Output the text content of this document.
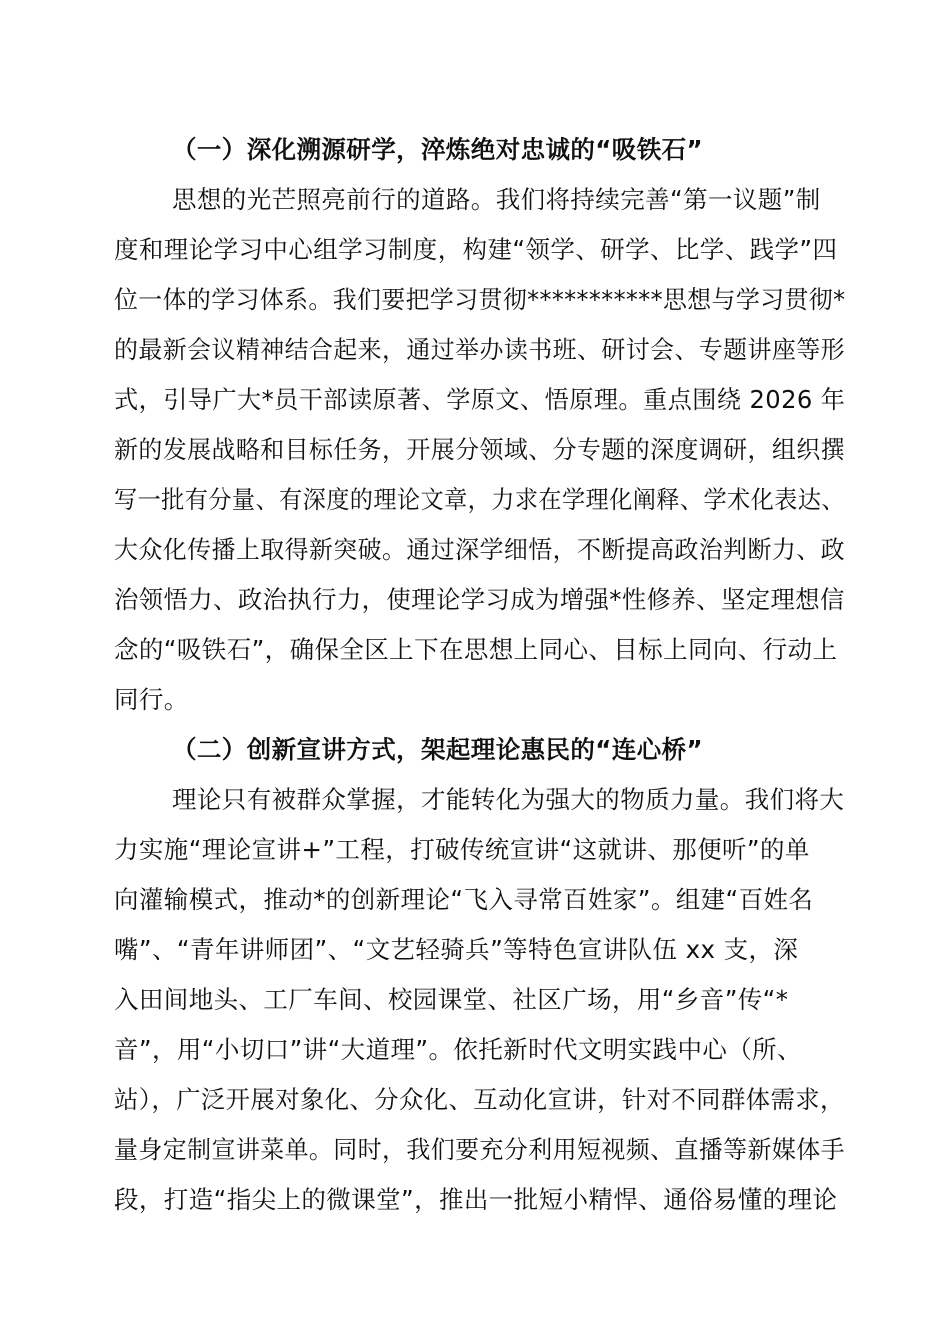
（一）深化溯源研学，淬炼绝对忠诚的“吸铁石”
思想的光芒照亮前行的道路。我们将持续完善“第一议题”制
度和理论学习中心组学习制度，构建“领学、研学、比学、践学”四
位一体的学习体系。我们要把学习贯彻***********思想与学习贯彻*
的最新会议精神结合起来，通过举办读书班、研讨会、专题讲座等形
式，引导广大*员干部读原著、学原文、悟原理。重点围绕 2026 年
新的发展战略和目标任务，开展分领域、分专题的深度调研，组织撰
写一批有分量、有深度的理论文章，力求在学理化阐释、学术化表达、
大众化传播上取得新突破。通过深学细悟，不断提高政治判断力、政
治领悟力、政治执行力，使理论学习成为增强*性修养、坚定理想信
念的“吸铁石”，确保全区上下在思想上同心、目标上同向、行动上
同行。
（二）创新宣讲方式，架起理论惠民的“连心桥”
理论只有被群众掌握，才能转化为强大的物质力量。我们将大
力实施“理论宣讲+”工程，打破传统宣讲“这就讲、那便听”的单
向灌输模式，推动*的创新理论“飞入寻常百姓家”。组建“百姓名
嘴”、“青年讲师团”、“文艺轻骑兵”等特色宣讲队伍 xx 支，深
入田间地头、工厂车间、校园课堂、社区广场，用“乡音”传“*
音”，用“小切口”讲“大道理”。依托新时代文明实践中心（所、
站），广泛开展对象化、分众化、互动化宣讲，针对不同群体需求，
量身定制宣讲菜单。同时，我们要充分利用短视频、直播等新媒体手
段，打造“指尖上的微课堂”，推出一批短小精悍、通俗易懂的理论
